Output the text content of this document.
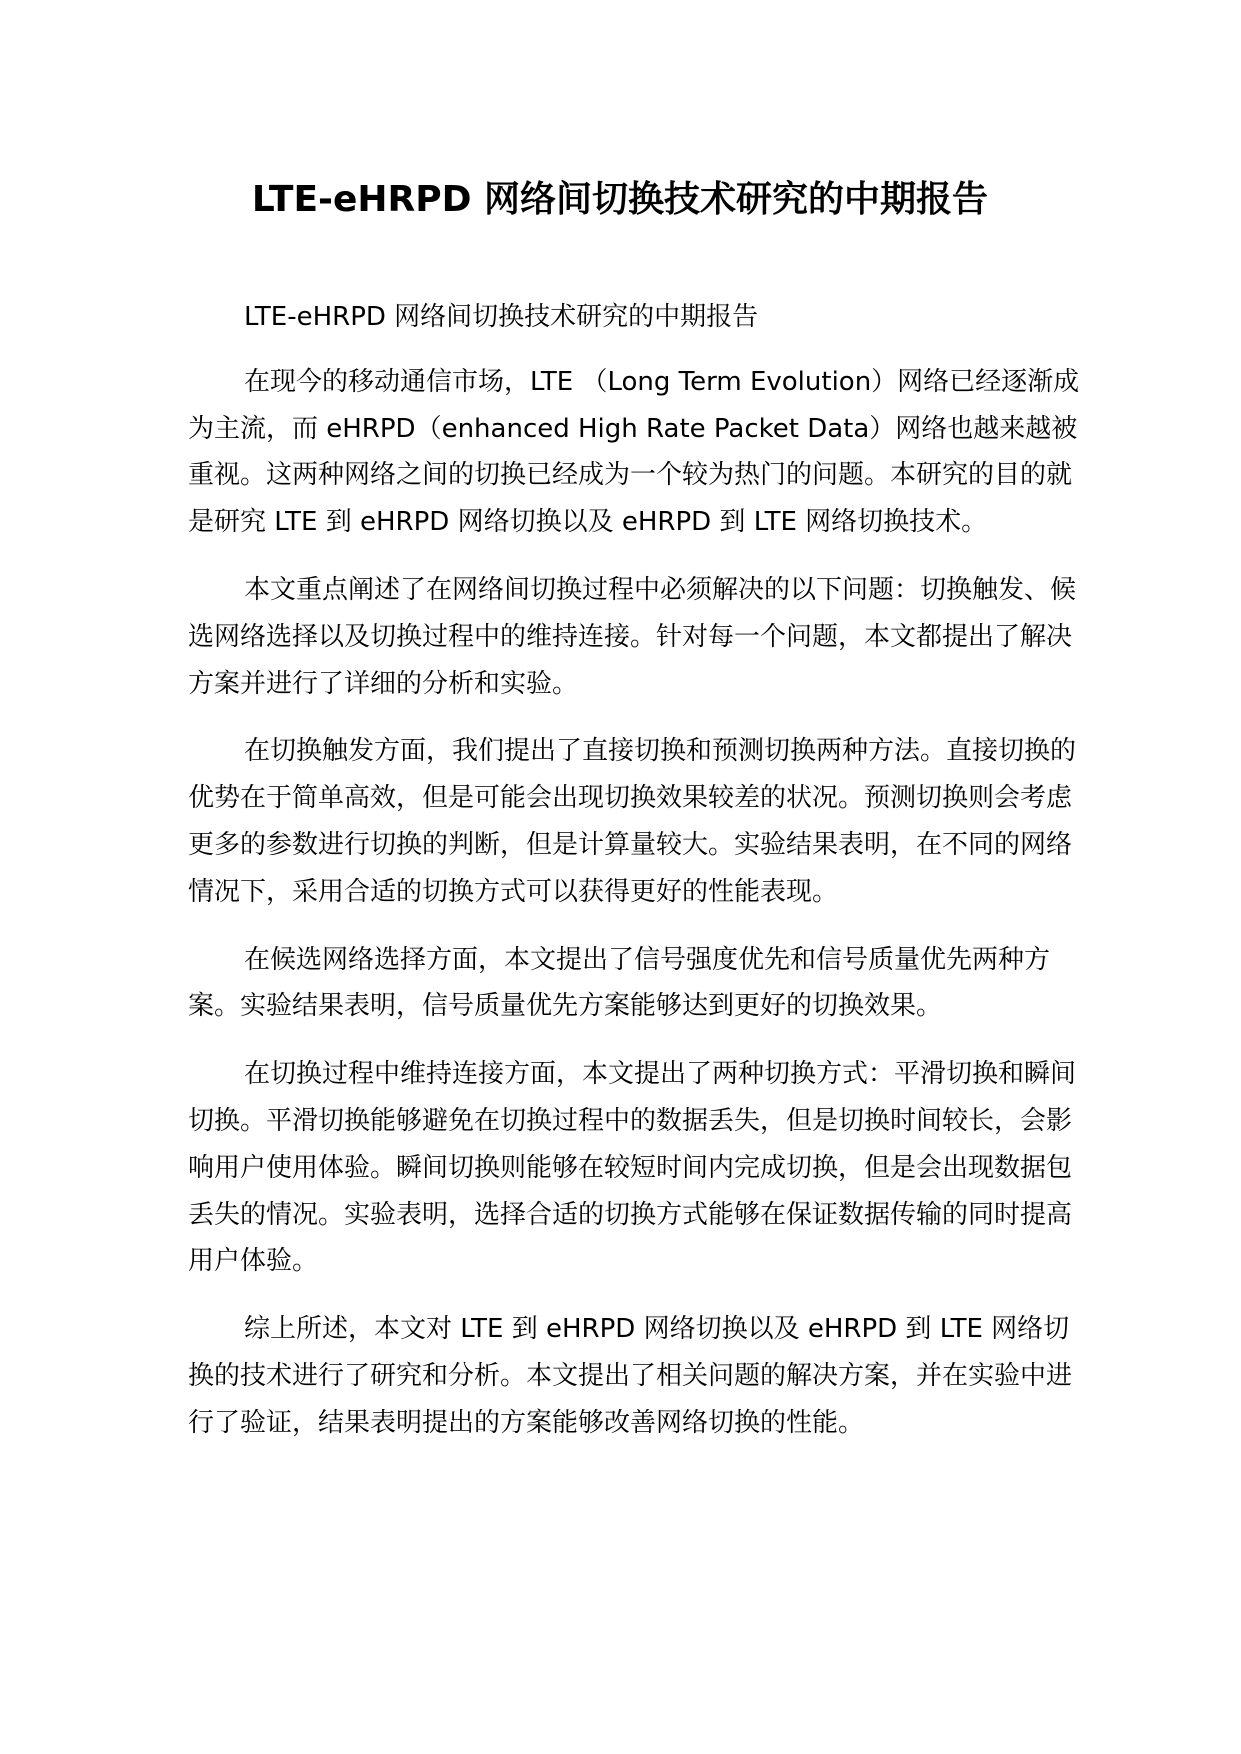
LTE-eHRPD 网络间切换技术研究的中期报告

LTE-eHRPD 网络间切换技术研究的中期报告

在现今的移动通信市场，LTE （Long Term Evolution）网络已经逐渐成为主流，而 eHRPD（enhanced High Rate Packet Data）网络也越来越被重视。这两种网络之间的切换已经成为一个较为热门的问题。本研究的目的就是研究 LTE 到 eHRPD 网络切换以及 eHRPD 到 LTE 网络切换技术。

本文重点阐述了在网络间切换过程中必须解决的以下问题：切换触发、候选网络选择以及切换过程中的维持连接。针对每一个问题，本文都提出了解决方案并进行了详细的分析和实验。

在切换触发方面，我们提出了直接切换和预测切换两种方法。直接切换的优势在于简单高效，但是可能会出现切换效果较差的状况。预测切换则会考虑更多的参数进行切换的判断，但是计算量较大。实验结果表明，在不同的网络情况下，采用合适的切换方式可以获得更好的性能表现。

在候选网络选择方面，本文提出了信号强度优先和信号质量优先两种方案。实验结果表明，信号质量优先方案能够达到更好的切换效果。

在切换过程中维持连接方面，本文提出了两种切换方式：平滑切换和瞬间切换。平滑切换能够避免在切换过程中的数据丢失，但是切换时间较长，会影响用户使用体验。瞬间切换则能够在较短时间内完成切换，但是会出现数据包丢失的情况。实验表明，选择合适的切换方式能够在保证数据传输的同时提高用户体验。

综上所述，本文对 LTE 到 eHRPD 网络切换以及 eHRPD 到 LTE 网络切换的技术进行了研究和分析。本文提出了相关问题的解决方案，并在实验中进行了验证，结果表明提出的方案能够改善网络切换的性能。
